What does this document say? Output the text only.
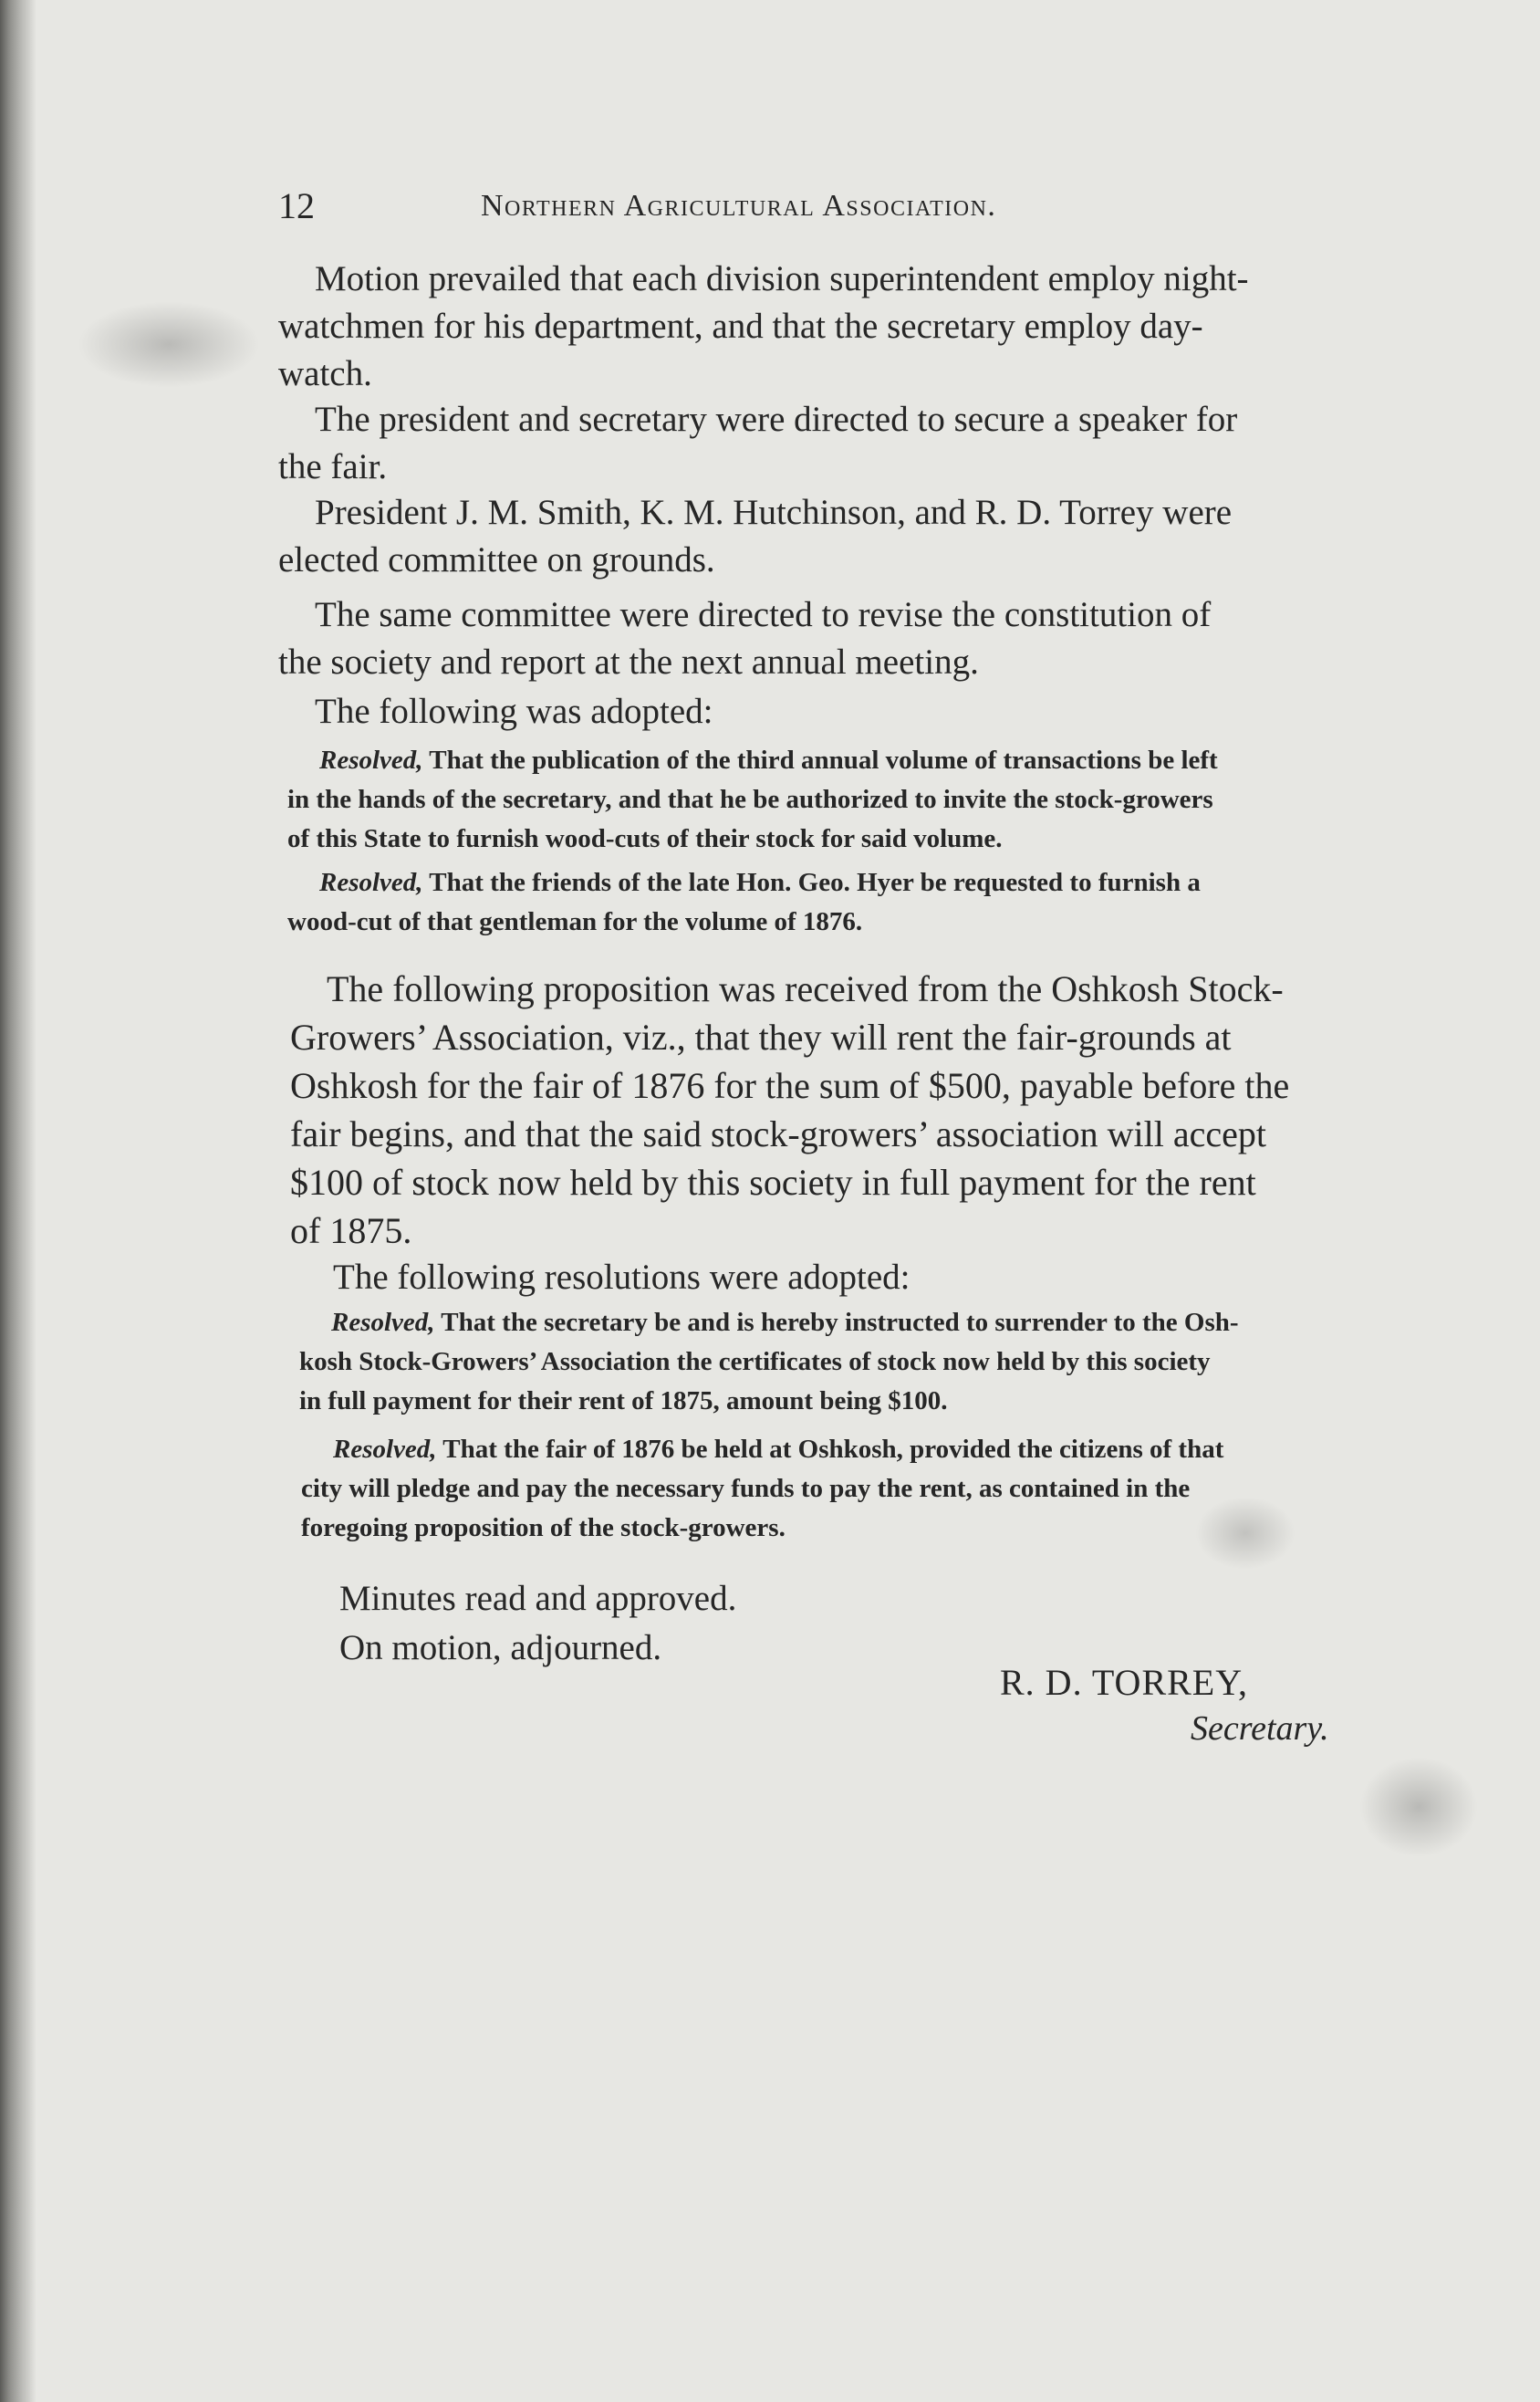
12	Northern Agricultural Association.

Motion prevailed that each division superintendent employ night-
watchmen for his department, and that the secretary employ day-
watch.

The president and secretary were directed to secure a speaker for
the fair.

President J. M. Smith, K. M. Hutchinson, and R. D. Torrey were
elected committee on grounds.

The same committee were directed to revise the constitution of
the society and report at the next annual meeting.

The following was adopted:

Resolved, That the publication of the third annual volume of transactions be left
in the hands of the secretary, and that he be authorized to invite the stock-growers
of this State to furnish wood-cuts of their stock for said volume.

Resolved, That the friends of the late Hon. Geo. Hyer be requested to furnish a
wood-cut of that gentleman for the volume of 1876.

The following proposition was received from the Oshkosh Stock-
Growers’ Association, viz., that they will rent the fair-grounds at
Oshkosh for the fair of 1876 for the sum of $500, payable before the
fair begins, and that the said stock-growers’ association will accept
$100 of stock now held by this society in full payment for the rent
of 1875.

The following resolutions were adopted:

Resolved, That the secretary be and is hereby instructed to surrender to the Osh-
kosh Stock-Growers’ Association the certificates of stock now held by this society
in full payment for their rent of 1875, amount being $100.

Resolved, That the fair of 1876 be held at Oshkosh, provided the citizens of that
city will pledge and pay the necessary funds to pay the rent, as contained in the
foregoing proposition of the stock-growers.

Minutes read and approved.

On motion, adjourned.

R. D. TORREY,
Secretary.
